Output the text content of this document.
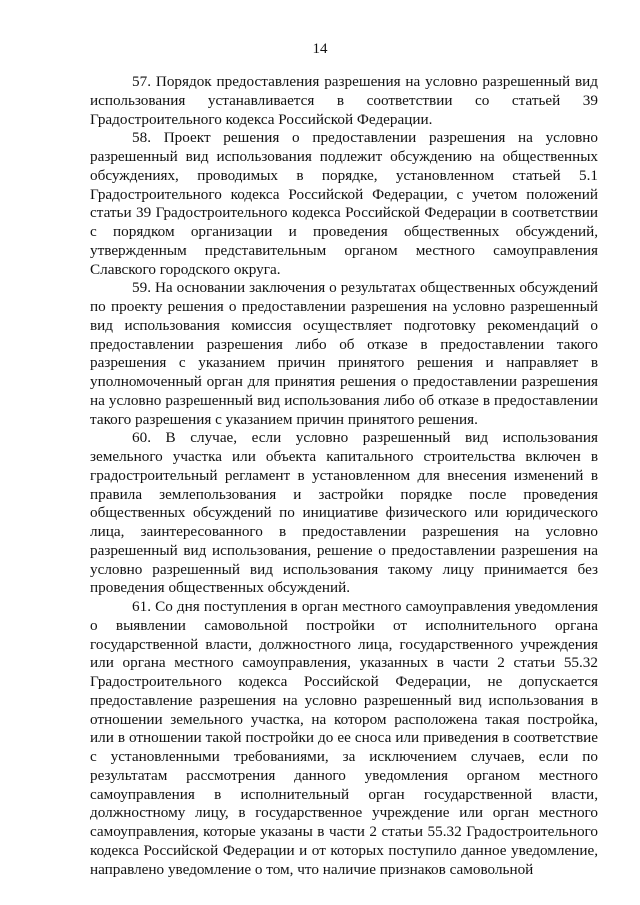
14

57. Порядок предоставления разрешения на условно разрешенный вид использования устанавливается в соответствии со статьей 39 Градостроительного кодекса Российской Федерации.

58. Проект решения о предоставлении разрешения на условно разрешенный вид использования подлежит обсуждению на общественных обсуждениях, проводимых в порядке, установленном статьей 5.1 Градостроительного кодекса Российской Федерации, с учетом положений статьи 39 Градостроительного кодекса Российской Федерации в соответствии с порядком организации и проведения общественных обсуждений, утвержденным представительным органом местного самоуправления Славского городского округа.

59. На основании заключения о результатах общественных обсуждений по проекту решения о предоставлении разрешения на условно разрешенный вид использования комиссия осуществляет подготовку рекомендаций о предоставлении разрешения либо об отказе в предоставлении такого разрешения с указанием причин принятого решения и направляет в уполномоченный орган для принятия решения о предоставлении разрешения на условно разрешенный вид использования либо об отказе в предоставлении такого разрешения с указанием причин принятого решения.

60. В случае, если условно разрешенный вид использования земельного участка или объекта капитального строительства включен в градостроительный регламент в установленном для внесения изменений в правила землепользования и застройки порядке после проведения общественных обсуждений по инициативе физического или юридического лица, заинтересованного в предоставлении разрешения на условно разрешенный вид использования, решение о предоставлении разрешения на условно разрешенный вид использования такому лицу принимается без проведения общественных обсуждений.

61. Со дня поступления в орган местного самоуправления уведомления о выявлении самовольной постройки от исполнительного органа государственной власти, должностного лица, государственного учреждения или органа местного самоуправления, указанных в части 2 статьи 55.32 Градостроительного кодекса Российской Федерации, не допускается предоставление разрешения на условно разрешенный вид использования в отношении земельного участка, на котором расположена такая постройка, или в отношении такой постройки до ее сноса или приведения в соответствие с установленными требованиями, за исключением случаев, если по результатам рассмотрения данного уведомления органом местного самоуправления в исполнительный орган государственной власти, должностному лицу, в государственное учреждение или орган местного самоуправления, которые указаны в части 2 статьи 55.32 Градостроительного кодекса Российской Федерации и от которых поступило данное уведомление, направлено уведомление о том, что наличие признаков самовольной
